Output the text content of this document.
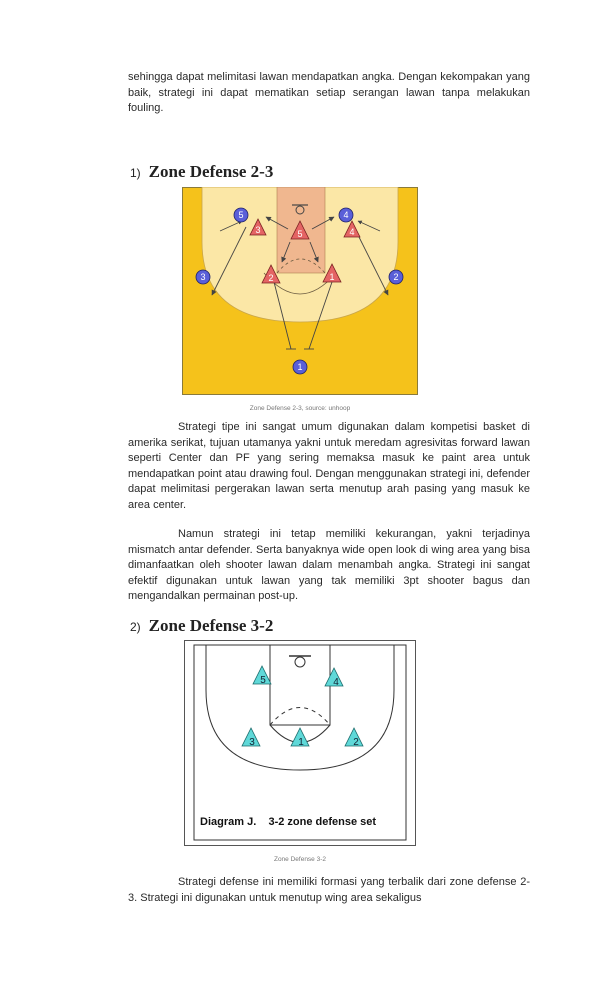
sehingga dapat melimitasi lawan mendapatkan angka. Dengan kekompakan yang baik, strategi ini dapat mematikan setiap serangan lawan tanpa melakukan fouling.

1) Zone Defense 2-3
3	4
5
2	1
5	4
3	2
1
Zone Defense 2-3, source: unhoop

Strategi tipe ini sangat umum digunakan dalam kompetisi basket di amerika serikat, tujuan utamanya yakni untuk meredam agresivitas forward lawan seperti Center dan PF yang sering memaksa masuk ke paint area untuk mendapatkan point atau drawing foul. Dengan menggunakan strategi ini, defender dapat melimitasi pergerakan lawan serta menutup arah pasing yang masuk ke area center.

Namun strategi ini tetap memiliki kekurangan, yakni terjadinya mismatch antar defender. Serta banyaknya wide open look di wing area yang bisa dimanfaatkan oleh shooter lawan dalam menambah angka. Strategi ini sangat efektif digunakan untuk lawan yang tak memiliki 3pt shooter bagus dan mengandalkan permainan post-up.

2) Zone Defense 3-2
5	4
3	1	2
Diagram J.    3-2 zone defense set
Zone Defense 3-2

Strategi defense ini memiliki formasi yang terbalik dari zone defense 2-3. Strategi ini digunakan untuk menutup wing area sekaligus
